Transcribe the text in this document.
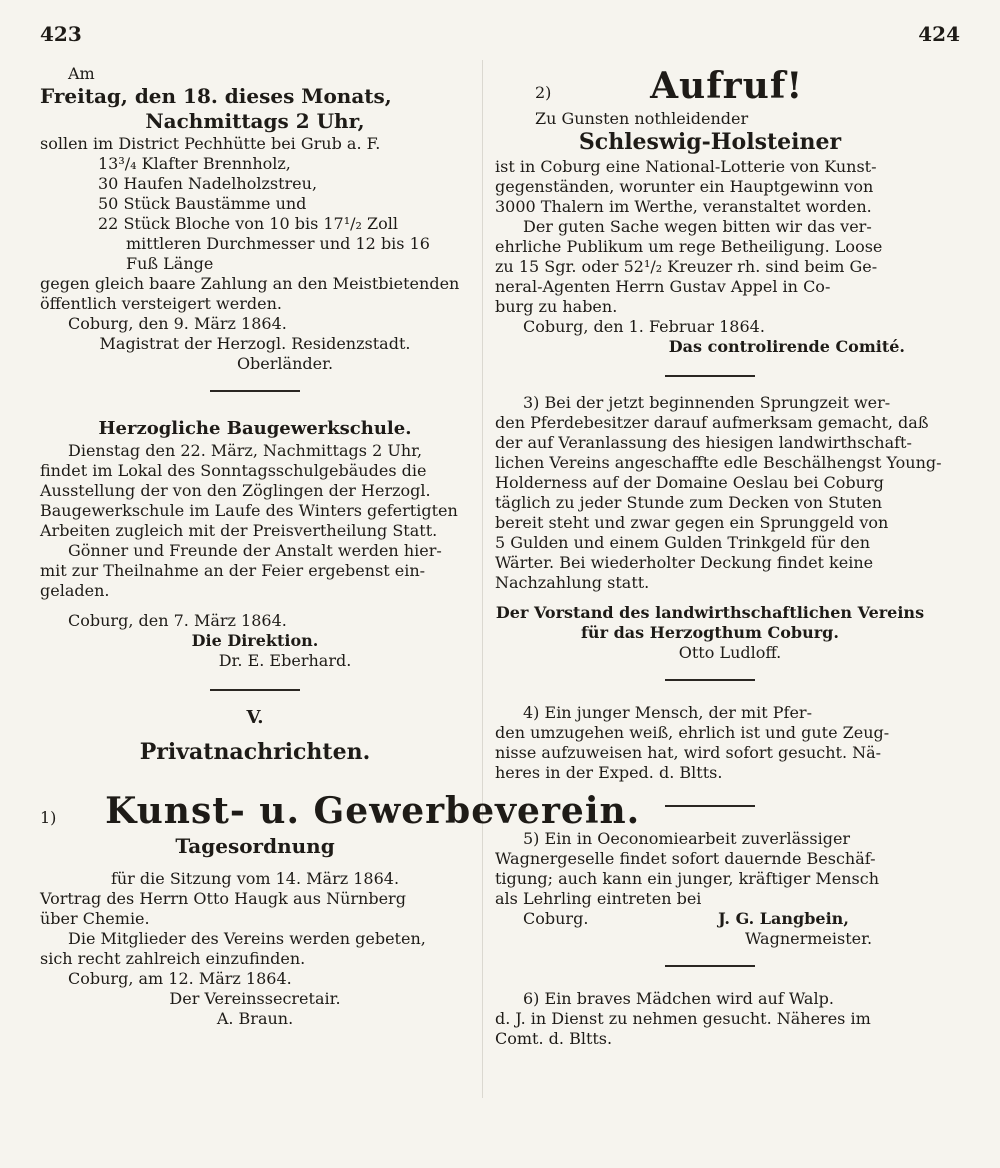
423	424
Am
Freitag, den 18. dieses Monats,
Nachmittags 2 Uhr,
sollen im District Pechhütte bei Grub a. F.
13³/₄ Klafter Brennholz,
30 Haufen Nadelholzstreu,
50 Stück Baustämme und
22 Stück Bloche von 10 bis 17¹/₂ Zoll
mittleren Durchmesser und 12 bis 16
Fuß Länge
gegen gleich baare Zahlung an den Meistbietenden
öffentlich versteigert werden.
Coburg, den 9. März 1864.
Magistrat der Herzogl. Residenzstadt.
Oberländer.
Herzogliche Baugewerkschule.
Dienstag den 22. März, Nachmittags 2 Uhr,
findet im Lokal des Sonntagsschulgebäudes die
Ausstellung der von den Zöglingen der Herzogl.
Baugewerkschule im Laufe des Winters gefertigten
Arbeiten zugleich mit der Preisvertheilung Statt.
Gönner und Freunde der Anstalt werden hier-
mit zur Theilnahme an der Feier ergebenst ein-
geladen.
Coburg, den 7. März 1864.
Die Direktion.
Dr. E. Eberhard.
V.
Privatnachrichten.
1) Kunst- u. Gewerbeverein.
Tagesordnung
für die Sitzung vom 14. März 1864.
Vortrag des Herrn Otto Haugk aus Nürnberg
über Chemie.
Die Mitglieder des Vereins werden gebeten,
sich recht zahlreich einzufinden.
Coburg, am 12. März 1864.
Der Vereinssecretair.
A. Braun.
2)	Aufruf!
Zu Gunsten nothleidender
Schleswig-Holsteiner
ist in Coburg eine National-Lotterie von Kunst-
gegenständen, worunter ein Hauptgewinn von
3000 Thalern im Werthe, veranstaltet worden.
Der guten Sache wegen bitten wir das ver-
ehrliche Publikum um rege Betheiligung. Loose
zu 15 Sgr. oder 52¹/₂ Kreuzer rh. sind beim Ge-
neral-Agenten Herrn Gustav Appel in Co-
burg zu haben.
Coburg, den 1. Februar 1864.
Das controlirende Comité.
3) Bei der jetzt beginnenden Sprungzeit wer-
den Pferdebesitzer darauf aufmerksam gemacht, daß
der auf Veranlassung des hiesigen landwirthschaft-
lichen Vereins angeschaffte edle Beschälhengst Young-
Holderness auf der Domaine Oeslau bei Coburg
täglich zu jeder Stunde zum Decken von Stuten
bereit steht und zwar gegen ein Sprunggeld von
5 Gulden und einem Gulden Trinkgeld für den
Wärter. Bei wiederholter Deckung findet keine
Nachzahlung statt.
Der Vorstand des landwirthschaftlichen Vereins
für das Herzogthum Coburg.
Otto Ludloff.
4) Ein junger Mensch, der mit Pfer-
den umzugehen weiß, ehrlich ist und gute Zeug-
nisse aufzuweisen hat, wird sofort gesucht. Nä-
heres in der Exped. d. Bltts.
5) Ein in Oeconomiearbeit zuverlässiger
Wagnergeselle findet sofort dauernde Beschäf-
tigung; auch kann ein junger, kräftiger Mensch
als Lehrling eintreten bei
Coburg.	J. G. Langbein,
Wagnermeister.
6) Ein braves Mädchen wird auf Walp.
d. J. in Dienst zu nehmen gesucht. Näheres im
Comt. d. Bltts.
